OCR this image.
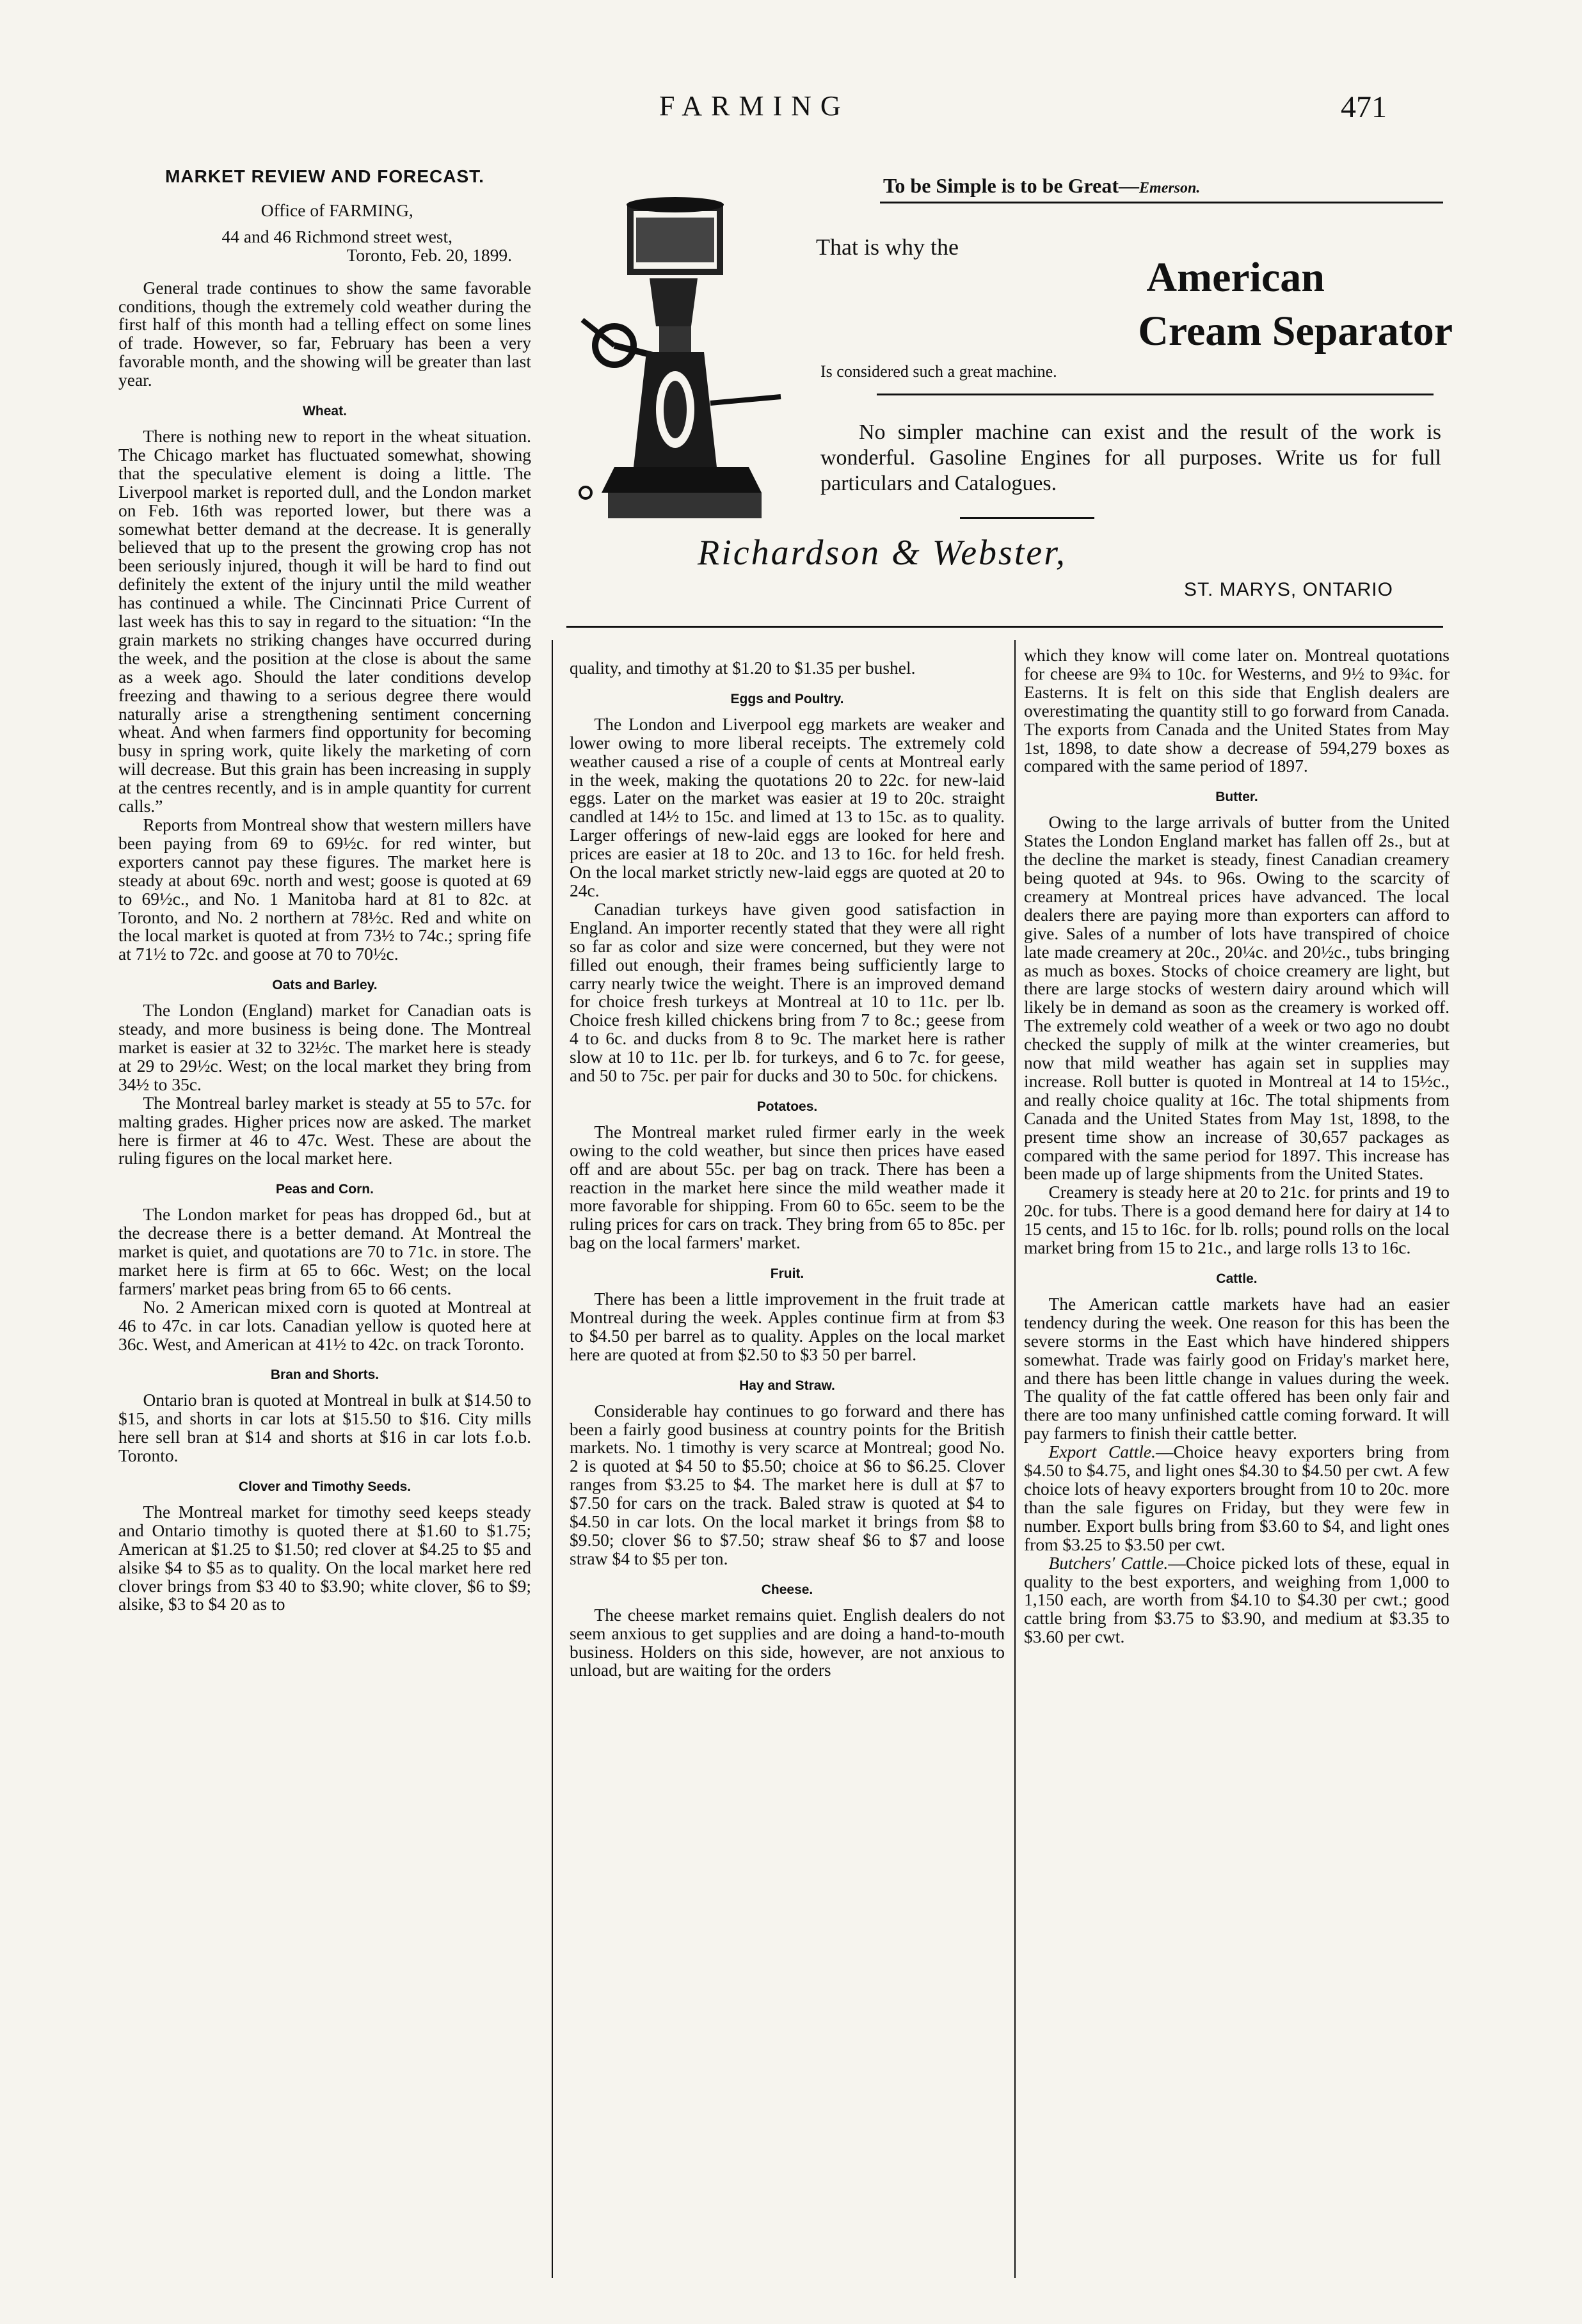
FARMING	471
To be Simple is to be Great—Emerson.
That is why the
American
Cream Separator
Is considered such a great machine.
No simpler machine can exist and the result of the work is wonderful. Gasoline Engines for all purposes. Write us for full particulars and Catalogues.
Richardson & Webster,
ST. MARYS, ONTARIO
MARKET REVIEW AND FORECAST.

Office of FARMING,

44 and 46 Richmond street west,

Toronto, Feb. 20, 1899.

General trade continues to show the same favorable conditions, though the extremely cold weather during the first half of this month had a telling effect on some lines of trade. However, so far, February has been a very favorable month, and the showing will be greater than last year.

Wheat.

There is nothing new to report in the wheat situation. The Chicago market has fluctuated somewhat, showing that the speculative element is doing a little. The Liverpool market is reported dull, and the London market on Feb. 16th was reported lower, but there was a somewhat better demand at the decrease. It is generally believed that up to the present the growing crop has not been seriously injured, though it will be hard to find out definitely the extent of the injury until the mild weather has continued a while. The Cincinnati Price Current of last week has this to say in regard to the situation: “In the grain markets no striking changes have occurred during the week, and the position at the close is about the same as a week ago. Should the later conditions develop freezing and thawing to a serious degree there would naturally arise a strengthening sentiment concerning wheat. And when farmers find opportunity for becoming busy in spring work, quite likely the marketing of corn will decrease. But this grain has been increasing in supply at the centres recently, and is in ample quantity for current calls.”

Reports from Montreal show that western millers have been paying from 69 to 69½c. for red winter, but exporters cannot pay these figures. The market here is steady at about 69c. north and west; goose is quoted at 69 to 69½c., and No. 1 Manitoba hard at 81 to 82c. at Toronto, and No. 2 northern at 78½c. Red and white on the local market is quoted at from 73½ to 74c.; spring fife at 71½ to 72c. and goose at 70 to 70½c.

Oats and Barley.

The London (England) market for Canadian oats is steady, and more business is being done. The Montreal market is easier at 32 to 32½c. The market here is steady at 29 to 29½c. West; on the local market they bring from 34½ to 35c.

The Montreal barley market is steady at 55 to 57c. for malting grades. Higher prices now are asked. The market here is firmer at 46 to 47c. West. These are about the ruling figures on the local market here.

Peas and Corn.

The London market for peas has dropped 6d., but at the decrease there is a better demand. At Montreal the market is quiet, and quotations are 70 to 71c. in store. The market here is firm at 65 to 66c. West; on the local farmers' market peas bring from 65 to 66 cents.

No. 2 American mixed corn is quoted at Montreal at 46 to 47c. in car lots. Canadian yellow is quoted here at 36c. West, and American at 41½ to 42c. on track Toronto.

Bran and Shorts.

Ontario bran is quoted at Montreal in bulk at $14.50 to $15, and shorts in car lots at $15.50 to $16. City mills here sell bran at $14 and shorts at $16 in car lots f.o.b. Toronto.

Clover and Timothy Seeds.

The Montreal market for timothy seed keeps steady and Ontario timothy is quoted there at $1.60 to $1.75; American at $1.25 to $1.50; red clover at $4.25 to $5 and alsike $4 to $5 as to quality. On the local market here red clover brings from $3 40 to $3.90; white clover, $6 to $9; alsike, $3 to $4 20 as to

quality, and timothy at $1.20 to $1.35 per bushel.

Eggs and Poultry.

The London and Liverpool egg markets are weaker and lower owing to more liberal receipts. The extremely cold weather caused a rise of a couple of cents at Montreal early in the week, making the quotations 20 to 22c. for new-laid eggs. Later on the market was easier at 19 to 20c. straight candled at 14½ to 15c. and limed at 13 to 15c. as to quality. Larger offerings of new-laid eggs are looked for here and prices are easier at 18 to 20c. and 13 to 16c. for held fresh. On the local market strictly new-laid eggs are quoted at 20 to 24c.

Canadian turkeys have given good satisfaction in England. An importer recently stated that they were all right so far as color and size were concerned, but they were not filled out enough, their frames being sufficiently large to carry nearly twice the weight. There is an improved demand for choice fresh turkeys at Montreal at 10 to 11c. per lb. Choice fresh killed chickens bring from 7 to 8c.; geese from 4 to 6c. and ducks from 8 to 9c. The market here is rather slow at 10 to 11c. per lb. for turkeys, and 6 to 7c. for geese, and 50 to 75c. per pair for ducks and 30 to 50c. for chickens.

Potatoes.

The Montreal market ruled firmer early in the week owing to the cold weather, but since then prices have eased off and are about 55c. per bag on track. There has been a reaction in the market here since the mild weather made it more favorable for shipping. From 60 to 65c. seem to be the ruling prices for cars on track. They bring from 65 to 85c. per bag on the local farmers' market.

Fruit.

There has been a little improvement in the fruit trade at Montreal during the week. Apples continue firm at from $3 to $4.50 per barrel as to quality. Apples on the local market here are quoted at from $2.50 to $3 50 per barrel.

Hay and Straw.

Considerable hay continues to go forward and there has been a fairly good business at country points for the British markets. No. 1 timothy is very scarce at Montreal; good No. 2 is quoted at $4 50 to $5.50; choice at $6 to $6.25. Clover ranges from $3.25 to $4. The market here is dull at $7 to $7.50 for cars on the track. Baled straw is quoted at $4 to $4.50 in car lots. On the local market it brings from $8 to $9.50; clover $6 to $7.50; straw sheaf $6 to $7 and loose straw $4 to $5 per ton.

Cheese.

The cheese market remains quiet. English dealers do not seem anxious to get supplies and are doing a hand-to-mouth business. Holders on this side, however, are not anxious to unload, but are waiting for the orders

which they know will come later on. Montreal quotations for cheese are 9¾ to 10c. for Westerns, and 9½ to 9¾c. for Easterns. It is felt on this side that English dealers are overestimating the quantity still to go forward from Canada. The exports from Canada and the United States from May 1st, 1898, to date show a decrease of 594,279 boxes as compared with the same period of 1897.

Butter.

Owing to the large arrivals of butter from the United States the London England market has fallen off 2s., but at the decline the market is steady, finest Canadian creamery being quoted at 94s. to 96s. Owing to the scarcity of creamery at Montreal prices have advanced. The local dealers there are paying more than exporters can afford to give. Sales of a number of lots have transpired of choice late made creamery at 20c., 20¼c. and 20½c., tubs bringing as much as boxes. Stocks of choice creamery are light, but there are large stocks of western dairy around which will likely be in demand as soon as the creamery is worked off. The extremely cold weather of a week or two ago no doubt checked the supply of milk at the winter creameries, but now that mild weather has again set in supplies may increase. Roll butter is quoted in Montreal at 14 to 15½c., and really choice quality at 16c. The total shipments from Canada and the United States from May 1st, 1898, to the present time show an increase of 30,657 packages as compared with the same period for 1897. This increase has been made up of large shipments from the United States.

Creamery is steady here at 20 to 21c. for prints and 19 to 20c. for tubs. There is a good demand here for dairy at 14 to 15 cents, and 15 to 16c. for lb. rolls; pound rolls on the local market bring from 15 to 21c., and large rolls 13 to 16c.

Cattle.

The American cattle markets have had an easier tendency during the week. One reason for this has been the severe storms in the East which have hindered shippers somewhat. Trade was fairly good on Friday's market here, and there has been little change in values during the week. The quality of the fat cattle offered has been only fair and there are too many unfinished cattle coming forward. It will pay farmers to finish their cattle better.

Export Cattle.—Choice heavy exporters bring from $4.50 to $4.75, and light ones $4.30 to $4.50 per cwt. A few choice lots of heavy exporters brought from 10 to 20c. more than the sale figures on Friday, but they were few in number. Export bulls bring from $3.60 to $4, and light ones from $3.25 to $3.50 per cwt.

Butchers' Cattle.—Choice picked lots of these, equal in quality to the best exporters, and weighing from 1,000 to 1,150 each, are worth from $4.10 to $4.30 per cwt.; good cattle bring from $3.75 to $3.90, and medium at $3.35 to $3.60 per cwt.
